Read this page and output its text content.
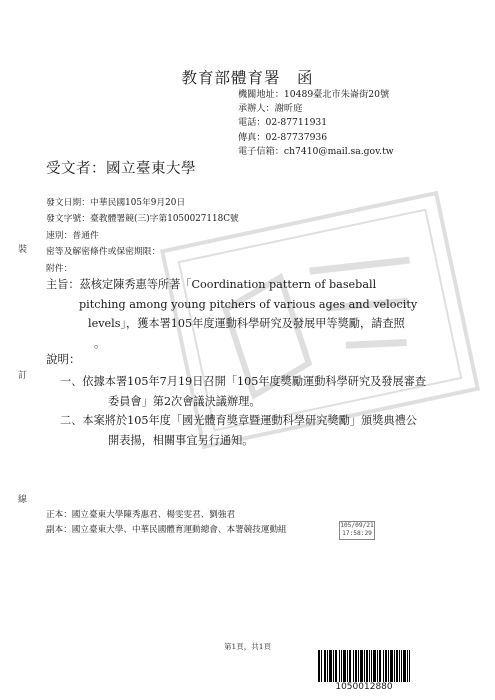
教育部體育署　函
機關地址：10489臺北市朱崙街20號
承辦人：謝昕庭
電話：02-87711931
傳真：02-87737936
電子信箱：ch7410@mail.sa.gov.tw
受文者：國立臺東大學
發文日期：中華民國105年9月20日
發文字號：臺教體署競(三)字第1050027118C號
速別：普通件
密等及解密條件或保密期限：
附件：
裝
訂
線
主旨：茲核定陳秀惠等所著「Coordination pattern of baseball
pitching among young pitchers of various ages and velocity
levels」，獲本署105年度運動科學研究及發展甲等獎勵，請查照
。
說明：
一、依據本署105年7月19日召開「105年度獎勵運動科學研究及發展審查
委員會」第2次會議決議辦理。
二、本案將於105年度「國光體育獎章暨運動科學研究獎勵」頒獎典禮公
開表揚，相關事宜另行通知。
正本：國立臺東大學陳秀惠君、楊雯雯君、劉強君
副本：國立臺東大學、中華民國體育運動總會、本署競技運動組	105/09/21
17:58:29
第1頁，共1頁
1050012880
